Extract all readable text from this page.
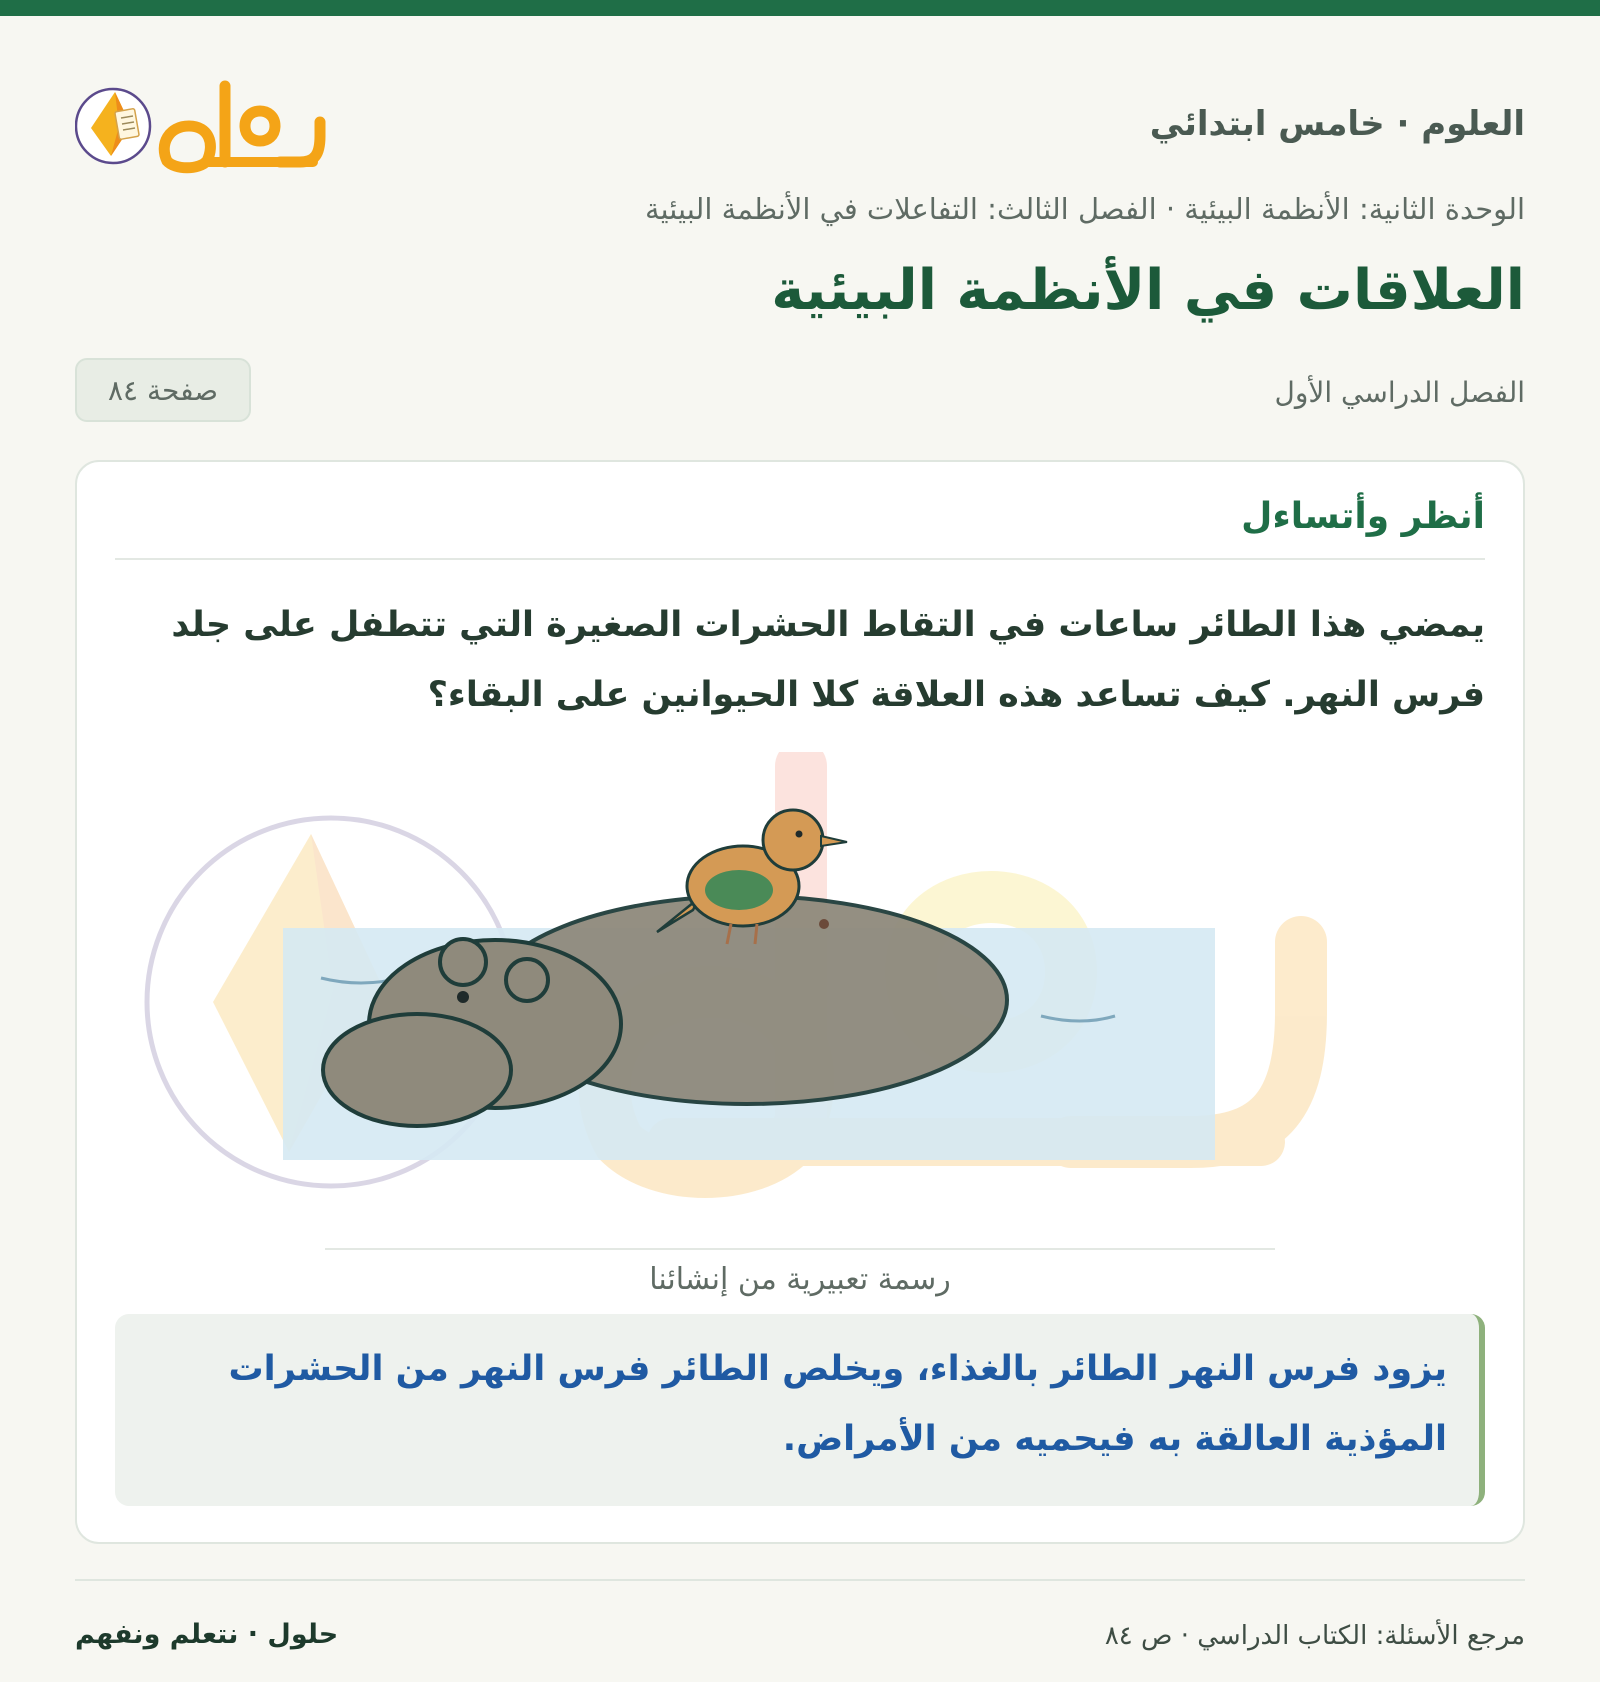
العلوم · خامس ابتدائي
الوحدة الثانية: الأنظمة البيئية · الفصل الثالث: التفاعلات في الأنظمة البيئية
العلاقات في الأنظمة البيئية
الفصل الدراسي الأول
صفحة ٨٤
أنظر وأتساءل
يمضي هذا الطائر ساعات في التقاط الحشرات الصغيرة التي تتطفل على جلد فرس النهر. كيف تساعد هذه العلاقة كلا الحيوانين على البقاء؟
رسمة تعبيرية من إنشائنا
يزود فرس النهر الطائر بالغذاء، ويخلص الطائر فرس النهر من الحشرات المؤذية العالقة به فيحميه من الأمراض.
مرجع الأسئلة: الكتاب الدراسي · ص ٨٤
حلول · نتعلم ونفهم
